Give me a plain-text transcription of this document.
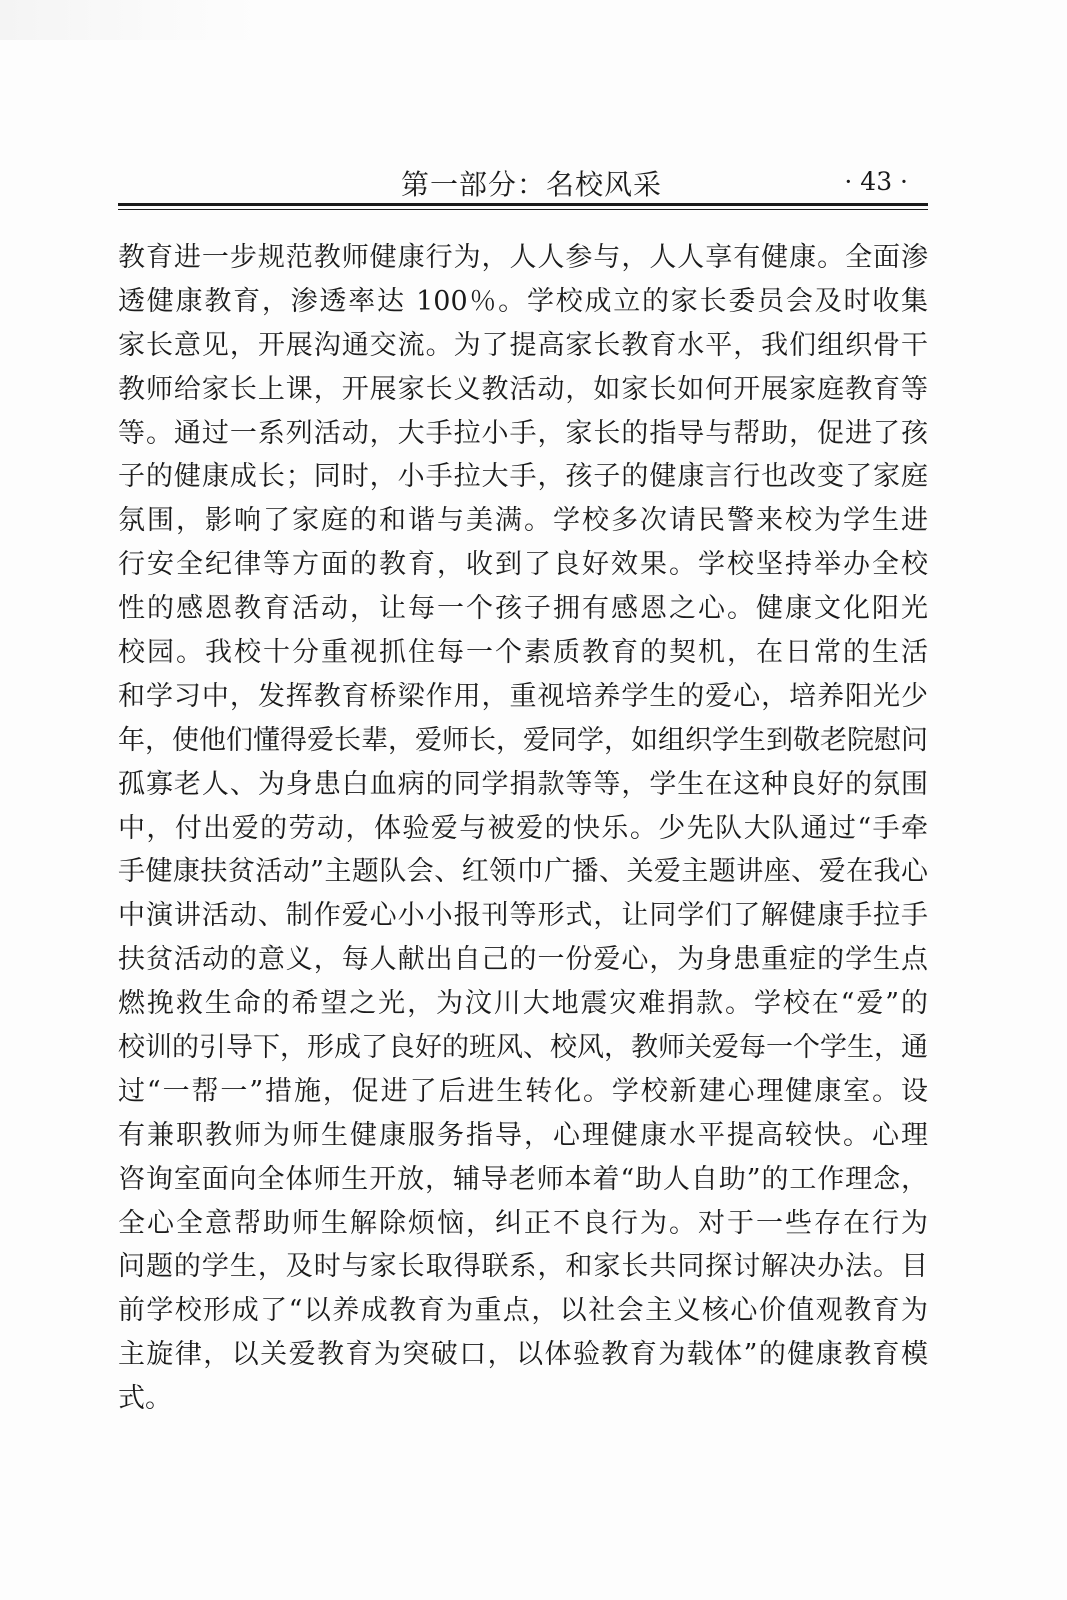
第一部分：名校风采	· 43 ·
教育进一步规范教师健康行为，人人参与，人人享有健康。全面渗
透健康教育，渗透率达 100％。学校成立的家长委员会及时收集
家长意见，开展沟通交流。为了提高家长教育水平，我们组织骨干
教师给家长上课，开展家长义教活动，如家长如何开展家庭教育等
等。通过一系列活动，大手拉小手，家长的指导与帮助，促进了孩
子的健康成长；同时，小手拉大手，孩子的健康言行也改变了家庭
氛围，影响了家庭的和谐与美满。学校多次请民警来校为学生进
行安全纪律等方面的教育，收到了良好效果。学校坚持举办全校
性的感恩教育活动，让每一个孩子拥有感恩之心。健康文化阳光
校园。我校十分重视抓住每一个素质教育的契机，在日常的生活
和学习中，发挥教育桥梁作用，重视培养学生的爱心，培养阳光少
年，使他们懂得爱长辈，爱师长，爱同学，如组织学生到敬老院慰问
孤寡老人、为身患白血病的同学捐款等等，学生在这种良好的氛围
中，付出爱的劳动，体验爱与被爱的快乐。少先队大队通过“手牵
手健康扶贫活动”主题队会、红领巾广播、关爱主题讲座、爱在我心
中演讲活动、制作爱心小小报刊等形式，让同学们了解健康手拉手
扶贫活动的意义，每人献出自己的一份爱心，为身患重症的学生点
燃挽救生命的希望之光，为汶川大地震灾难捐款。学校在“爱”的
校训的引导下，形成了良好的班风、校风，教师关爱每一个学生，通
过“一帮一”措施，促进了后进生转化。学校新建心理健康室。设
有兼职教师为师生健康服务指导，心理健康水平提高较快。心理
咨询室面向全体师生开放，辅导老师本着“助人自助”的工作理念，
全心全意帮助师生解除烦恼，纠正不良行为。对于一些存在行为
问题的学生，及时与家长取得联系，和家长共同探讨解决办法。目
前学校形成了“以养成教育为重点，以社会主义核心价值观教育为
主旋律，以关爱教育为突破口，以体验教育为载体”的健康教育模
式。
